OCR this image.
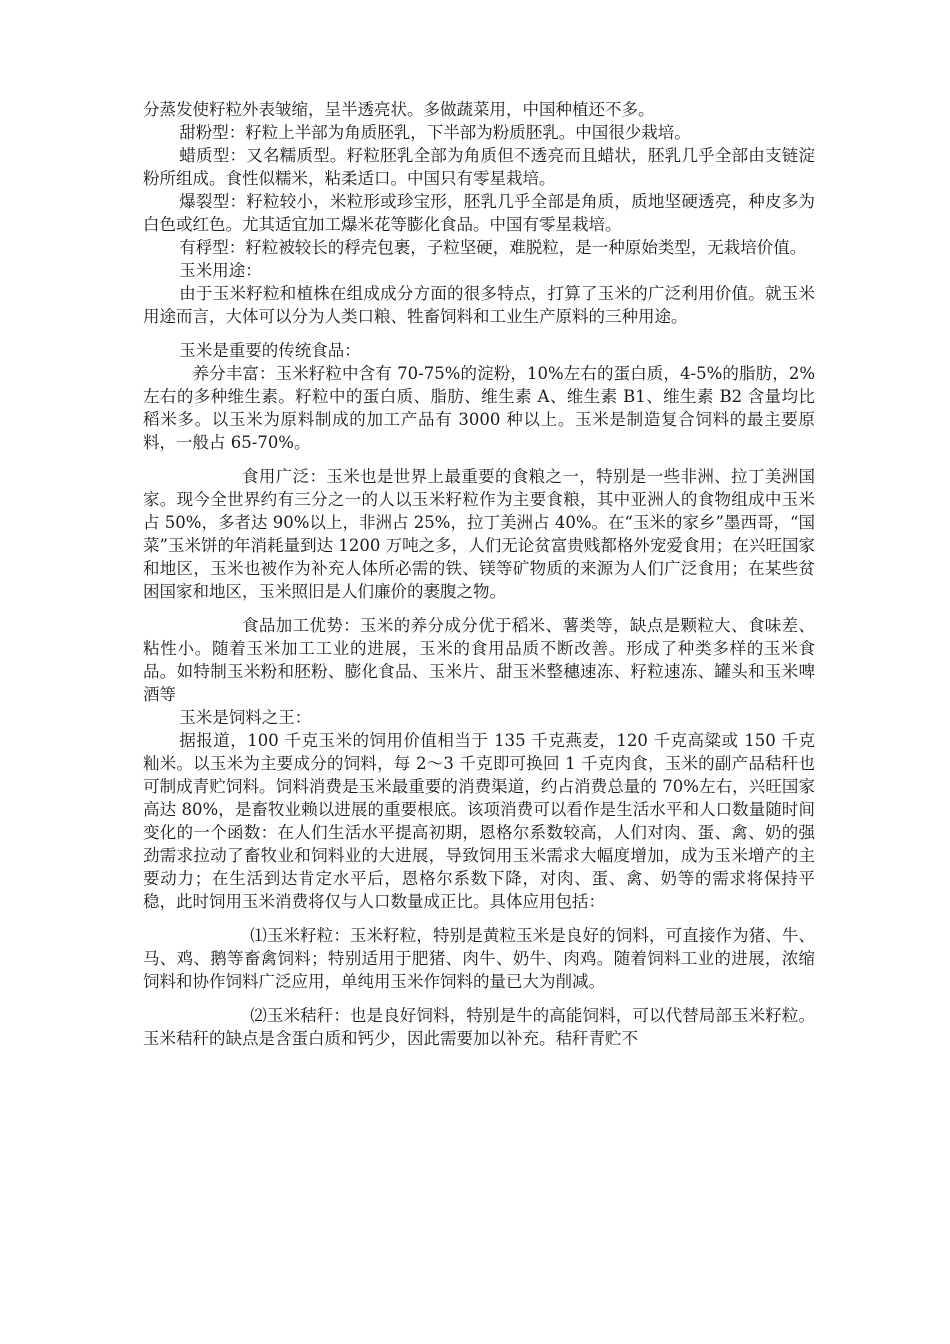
分蒸发使籽粒外表皱缩，呈半透亮状。多做蔬菜用，中国种植还不多。

甜粉型：籽粒上半部为角质胚乳，下半部为粉质胚乳。中国很少栽培。

蜡质型：又名糯质型。籽粒胚乳全部为角质但不透亮而且蜡状，胚乳几乎全部由支链淀粉所组成。食性似糯米，粘柔适口。中国只有零星栽培。

爆裂型：籽粒较小，米粒形或珍宝形，胚乳几乎全部是角质，质地坚硬透亮，种皮多为白色或红色。尤其适宜加工爆米花等膨化食品。中国有零星栽培。

有稃型：籽粒被较长的稃壳包裹，子粒坚硬，难脱粒，是一种原始类型，无栽培价值。

玉米用途：

由于玉米籽粒和植株在组成成分方面的很多特点，打算了玉米的广泛利用价值。就玉米用途而言，大体可以分为人类口粮、牲畜饲料和工业生产原料的三种用途。

玉米是重要的传统食品：

养分丰富：玉米籽粒中含有 70-75%的淀粉，10%左右的蛋白质，4-5%的脂肪，2%左右的多种维生素。籽粒中的蛋白质、脂肪、维生素 A、维生素 B1、维生素 B2 含量均比稻米多。以玉米为原料制成的加工产品有 3000 种以上。玉米是制造复合饲料的最主要原料，一般占 65-70%。

食用广泛：玉米也是世界上最重要的食粮之一，特别是一些非洲、拉丁美洲国家。现今全世界约有三分之一的人以玉米籽粒作为主要食粮，其中亚洲人的食物组成中玉米占 50%，多者达 90%以上，非洲占 25%，拉丁美洲占 40%。在“玉米的家乡”墨西哥，“国菜”玉米饼的年消耗量到达 1200 万吨之多，人们无论贫富贵贱都格外宠爱食用；在兴旺国家和地区，玉米也被作为补充人体所必需的铁、镁等矿物质的来源为人们广泛食用；在某些贫困国家和地区，玉米照旧是人们廉价的裹腹之物。

食品加工优势：玉米的养分成分优于稻米、薯类等，缺点是颗粒大、食味差、粘性小。随着玉米加工工业的进展，玉米的食用品质不断改善。形成了种类多样的玉米食品。如特制玉米粉和胚粉、膨化食品、玉米片、甜玉米整穗速冻、籽粒速冻、罐头和玉米啤酒等

玉米是饲料之王：

据报道，100 千克玉米的饲用价值相当于 135 千克燕麦，120 千克高粱或 150 千克籼米。以玉米为主要成分的饲料，每 2～3 千克即可换回 1 千克肉食，玉米的副产品秸秆也可制成青贮饲料。饲料消费是玉米最重要的消费渠道，约占消费总量的 70%左右，兴旺国家高达 80%，是畜牧业赖以进展的重要根底。该项消费可以看作是生活水平和人口数量随时间变化的一个函数：在人们生活水平提高初期，恩格尔系数较高，人们对肉、蛋、禽、奶的强劲需求拉动了畜牧业和饲料业的大进展，导致饲用玉米需求大幅度增加，成为玉米增产的主要动力；在生活到达肯定水平后，恩格尔系数下降，对肉、蛋、禽、奶等的需求将保持平稳，此时饲用玉米消费将仅与人口数量成正比。具体应用包括：

⑴玉米籽粒：玉米籽粒，特别是黄粒玉米是良好的饲料，可直接作为猪、牛、马、鸡、鹅等畜禽饲料；特别适用于肥猪、肉牛、奶牛、肉鸡。随着饲料工业的进展，浓缩饲料和协作饲料广泛应用，单纯用玉米作饲料的量已大为削减。

⑵玉米秸秆：也是良好饲料，特别是牛的高能饲料，可以代替局部玉米籽粒。玉米秸秆的缺点是含蛋白质和钙少，因此需要加以补充。秸秆青贮不
